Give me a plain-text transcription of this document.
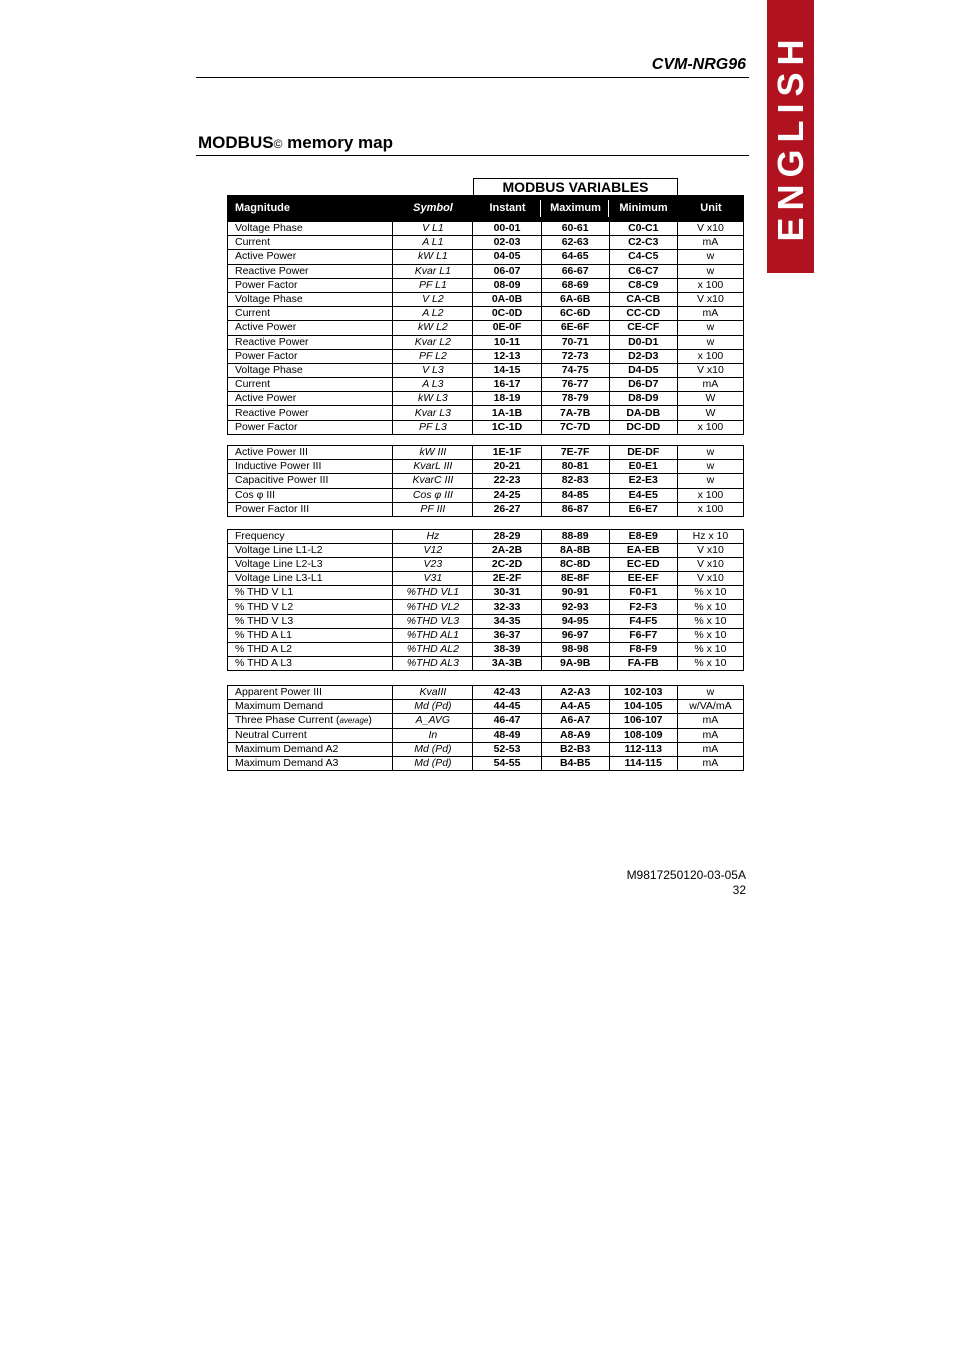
ENGLISH
CVM-NRG96
MODBUS© memory map
MODBUS VARIABLES
Magnitude	Symbol	Instant	Maximum	Minimum	Unit
Voltage Phase	V L1	00-01	60-61	C0-C1	V x10
Current	A L1	02-03	62-63	C2-C3	mA
Active Power	kW L1	04-05	64-65	C4-C5	w
Reactive Power	Kvar L1	06-07	66-67	C6-C7	w
Power Factor	PF L1	08-09	68-69	C8-C9	x 100
Voltage Phase	V L2	0A-0B	6A-6B	CA-CB	V x10
Current	A L2	0C-0D	6C-6D	CC-CD	mA
Active Power	kW L2	0E-0F	6E-6F	CE-CF	w
Reactive Power	Kvar L2	10-11	70-71	D0-D1	w
Power Factor	PF L2	12-13	72-73	D2-D3	x 100
Voltage Phase	V L3	14-15	74-75	D4-D5	V x10
Current	A L3	16-17	76-77	D6-D7	mA
Active Power	kW L3	18-19	78-79	D8-D9	W
Reactive Power	Kvar L3	1A-1B	7A-7B	DA-DB	W
Power Factor	PF L3	1C-1D	7C-7D	DC-DD	x 100
Active Power III	kW III	1E-1F	7E-7F	DE-DF	w
Inductive Power III	KvarL III	20-21	80-81	E0-E1	w
Capacitive Power III	KvarC III	22-23	82-83	E2-E3	w
Cos φ III	Cos φ III	24-25	84-85	E4-E5	x 100
Power Factor III	PF III	26-27	86-87	E6-E7	x 100
Frequency	Hz	28-29	88-89	E8-E9	Hz x 10
Voltage Line L1-L2	V12	2A-2B	8A-8B	EA-EB	V x10
Voltage Line L2-L3	V23	2C-2D	8C-8D	EC-ED	V x10
Voltage Line L3-L1	V31	2E-2F	8E-8F	EE-EF	V x10
% THD V L1	%THD VL1	30-31	90-91	F0-F1	% x 10
% THD V L2	%THD VL2	32-33	92-93	F2-F3	% x 10
% THD V L3	%THD VL3	34-35	94-95	F4-F5	% x 10
% THD A L1	%THD AL1	36-37	96-97	F6-F7	% x 10
% THD A L2	%THD AL2	38-39	98-98	F8-F9	% x 10
% THD A L3	%THD AL3	3A-3B	9A-9B	FA-FB	% x 10
Apparent Power III	KvaIII	42-43	A2-A3	102-103	w
Maximum Demand	Md (Pd)	44-45	A4-A5	104-105	w/VA/mA
Three Phase Current (average)	A_AVG	46-47	A6-A7	106-107	mA
Neutral Current	In	48-49	A8-A9	108-109	mA
Maximum Demand A2	Md (Pd)	52-53	B2-B3	112-113	mA
Maximum Demand A3	Md (Pd)	54-55	B4-B5	114-115	mA
M9817250120-03-05A
32
